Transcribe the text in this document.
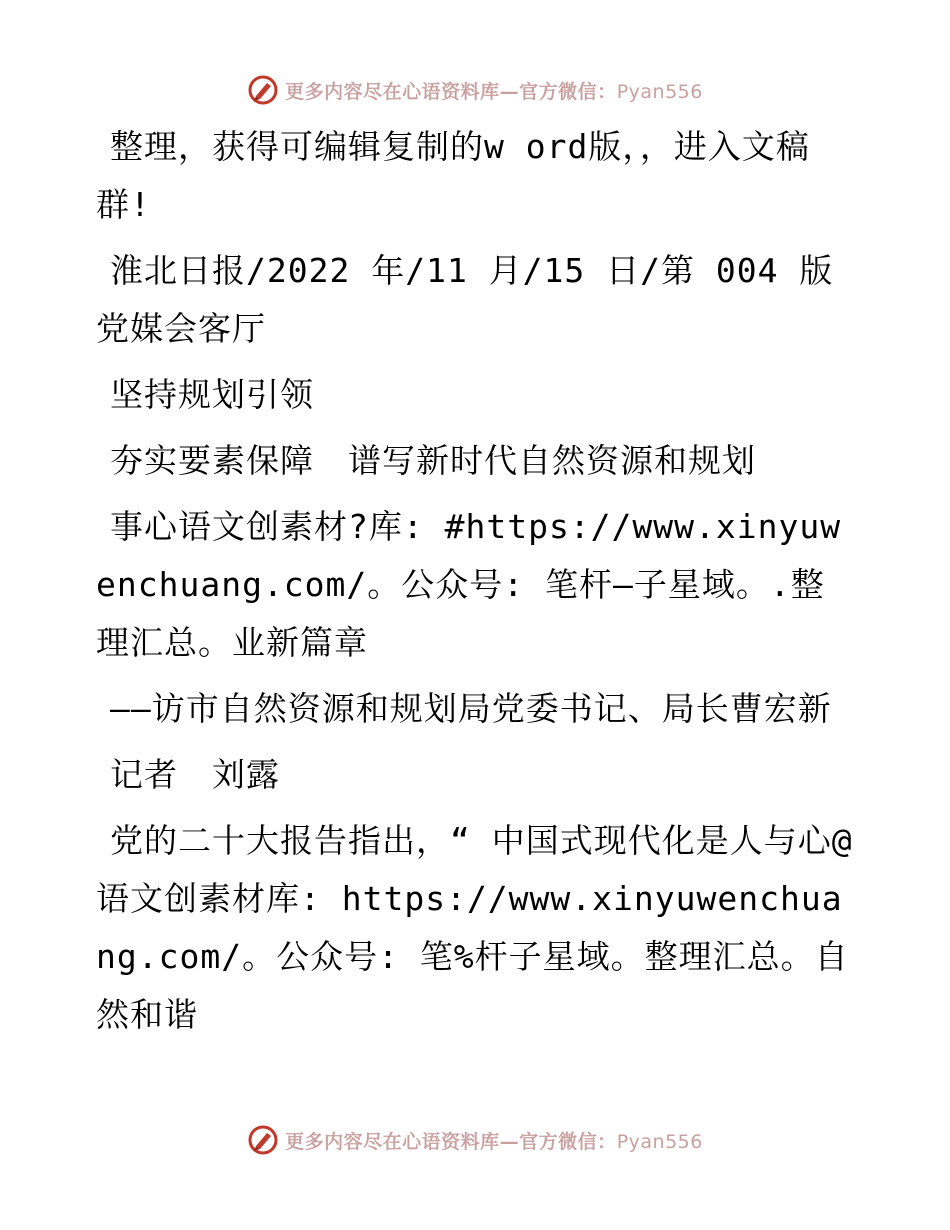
更多内容尽在心语资料库—官方微信：Pyan556

整理，获得可编辑复制的w ord版，，进入文稿群!

淮北日报/2022 年/11 月/15 日/第 004 版党媒会客厅

坚持规划引领

夯实要素保障　谱写新时代自然资源和规划

事心语文创素材?库: #https://www.xinyuwenchuang.com/。公众号: 笔杆—子星域。.整理汇总。业新篇章

——访市自然资源和规划局党委书记、局长曹宏新

记者　刘露

党的二十大报告指出，“ 中国式现代化是人与心@语文创素材库: https://www.xinyuwenchuang.com/。公众号: 笔%杆子星域。整理汇总。自然和谐

更多内容尽在心语资料库—官方微信：Pyan556
